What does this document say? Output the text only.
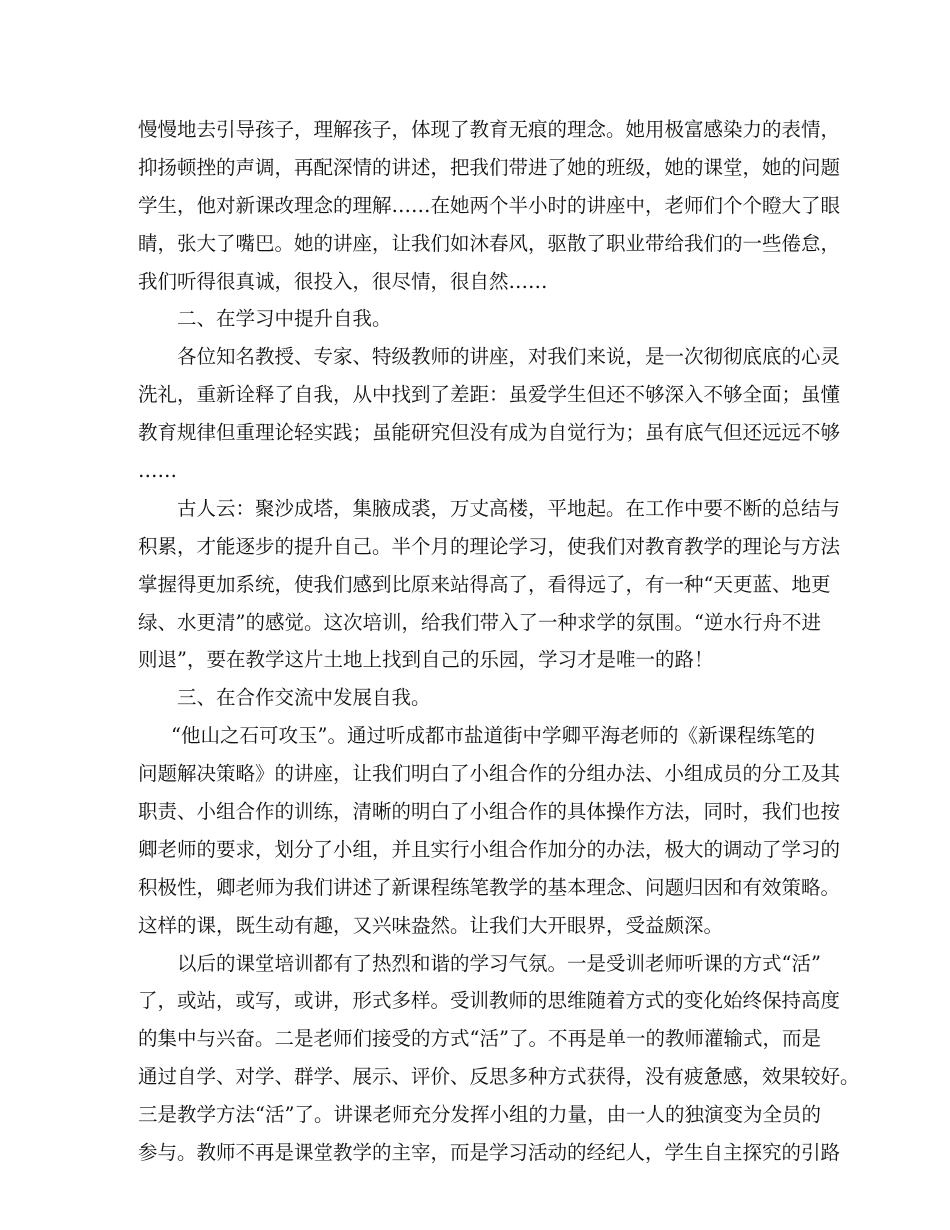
慢慢地去引导孩子，理解孩子，体现了教育无痕的理念。她用极富感染力的表情，
抑扬顿挫的声调，再配深情的讲述，把我们带进了她的班级，她的课堂，她的问题
学生，他对新课改理念的理解……在她两个半小时的讲座中，老师们个个瞪大了眼
睛，张大了嘴巴。她的讲座，让我们如沐春风，驱散了职业带给我们的一些倦怠，
我们听得很真诚，很投入，很尽情，很自然……
二、在学习中提升自我。
各位知名教授、专家、特级教师的讲座，对我们来说，是一次彻彻底底的心灵
洗礼，重新诠释了自我，从中找到了差距：虽爱学生但还不够深入不够全面；虽懂
教育规律但重理论轻实践；虽能研究但没有成为自觉行为；虽有底气但还远远不够
……
古人云：聚沙成塔，集腋成裘，万丈高楼，平地起。在工作中要不断的总结与
积累，才能逐步的提升自己。半个月的理论学习，使我们对教育教学的理论与方法
掌握得更加系统，使我们感到比原来站得高了，看得远了，有一种“天更蓝、地更
绿、水更清”的感觉。这次培训，给我们带入了一种求学的氛围。“逆水行舟不进
则退”，要在教学这片土地上找到自己的乐园，学习才是唯一的路！
三、在合作交流中发展自我。
“他山之石可攻玉”。通过听成都市盐道街中学卿平海老师的《新课程练笔的
问题解决策略》的讲座，让我们明白了小组合作的分组办法、小组成员的分工及其
职责、小组合作的训练，清晰的明白了小组合作的具体操作方法，同时，我们也按
卿老师的要求，划分了小组，并且实行小组合作加分的办法，极大的调动了学习的
积极性，卿老师为我们讲述了新课程练笔教学的基本理念、问题归因和有效策略。
这样的课，既生动有趣，又兴味盎然。让我们大开眼界，受益颇深。
以后的课堂培训都有了热烈和谐的学习气氛。一是受训老师听课的方式“活”
了，或站，或写，或讲，形式多样。受训教师的思维随着方式的变化始终保持高度
的集中与兴奋。二是老师们接受的方式“活”了。不再是单一的教师灌输式，而是
通过自学、对学、群学、展示、评价、反思多种方式获得，没有疲惫感，效果较好。
三是教学方法“活”了。讲课老师充分发挥小组的力量，由一人的独演变为全员的
参与。教师不再是课堂教学的主宰，而是学习活动的经纪人，学生自主探究的引路
